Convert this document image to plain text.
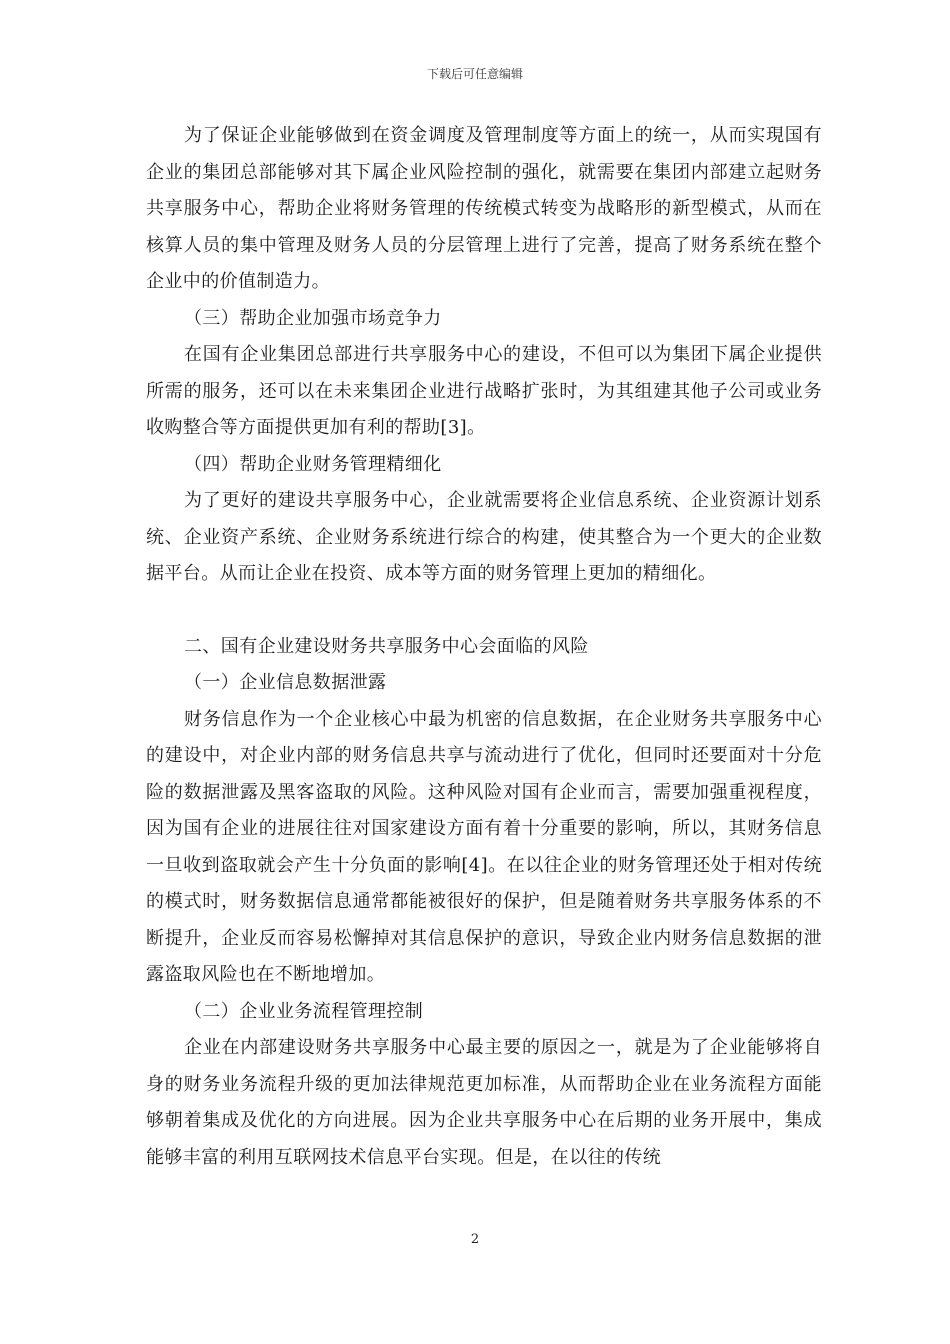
下载后可任意编辑

为了保证企业能够做到在资金调度及管理制度等方面上的统一，从而实現国有企业的集团总部能够对其下属企业风险控制的强化，就需要在集团内部建立起财务共享服务中心，帮助企业将财务管理的传统模式转变为战略形的新型模式，从而在核算人员的集中管理及财务人员的分层管理上进行了完善，提高了财务系统在整个企业中的价值制造力。

（三）帮助企业加强市场竞争力

在国有企业集团总部进行共享服务中心的建设，不但可以为集团下属企业提供所需的服务，还可以在未来集团企业进行战略扩张时，为其组建其他子公司或业务收购整合等方面提供更加有利的帮助[3]。

（四）帮助企业财务管理精细化

为了更好的建设共享服务中心，企业就需要将企业信息系统、企业资源计划系统、企业资产系统、企业财务系统进行综合的构建，使其整合为一个更大的企业数据平台。从而让企业在投资、成本等方面的财务管理上更加的精细化。

二、国有企业建设财务共享服务中心会面临的风险

（一）企业信息数据泄露

财务信息作为一个企业核心中最为机密的信息数据，在企业财务共享服务中心的建设中，对企业内部的财务信息共享与流动进行了优化，但同时还要面对十分危险的数据泄露及黑客盗取的风险。这种风险对国有企业而言，需要加强重视程度，因为国有企业的进展往往对国家建设方面有着十分重要的影响，所以，其财务信息一旦收到盗取就会产生十分负面的影响[4]。在以往企业的财务管理还处于相对传统的模式时，财务数据信息通常都能被很好的保护，但是随着财务共享服务体系的不断提升，企业反而容易松懈掉对其信息保护的意识，导致企业内财务信息数据的泄露盗取风险也在不断地增加。

（二）企业业务流程管理控制

企业在内部建设财务共享服务中心最主要的原因之一，就是为了企业能够将自身的财务业务流程升级的更加法律规范更加标准，从而帮助企业在业务流程方面能够朝着集成及优化的方向进展。因为企业共享服务中心在后期的业务开展中，集成能够丰富的利用互联网技术信息平台实现。但是，在以往的传统

2
